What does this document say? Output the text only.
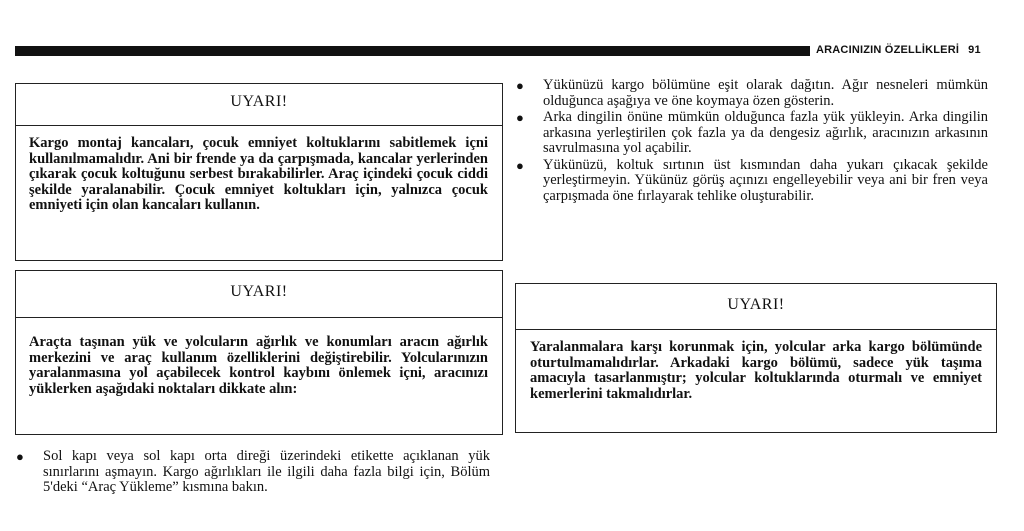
ARACINIZIN ÖZELLİKLERİ 91
UYARI!
Kargo montaj kancaları, çocuk emniyet koltuklarını sabitlemek içni kullanılmamalıdır. Ani bir frende ya da çarpışmada, kancalar yerlerinden çıkarak çocuk koltuğunu serbest bırakabilirler. Araç içindeki çocuk ciddi şekilde yaralanabilir. Çocuk emniyet koltukları için, yalnızca çocuk emniyeti için olan kancaları kullanın.
UYARI!
Araçta taşınan yük ve yolcuların ağırlık ve konumları aracın ağırlık merkezini ve araç kullanım özelliklerini değiştirebilir. Yolcularınızın yaralanmasına yol açabilecek kontrol kaybını önlemek içni, aracınızı yüklerken aşağıdaki noktaları dikkate alın:
● Sol kapı veya sol kapı orta direği üzerindeki etikette açıklanan yük sınırlarını aşmayın. Kargo ağırlıkları ile ilgili daha fazla bilgi için, Bölüm 5'deki “Araç Yükleme” kısmına bakın.
● Yükünüzü kargo bölümüne eşit olarak dağıtın. Ağır nesneleri mümkün olduğunca aşağıya ve öne koymaya özen gösterin.
● Arka dingilin önüne mümkün olduğunca fazla yük yükleyin. Arka dingilin arkasına yerleştirilen çok fazla ya da dengesiz ağırlık, aracınızın arkasının savrulmasına yol açabilir.
● Yükünüzü, koltuk sırtının üst kısmından daha yukarı çıkacak şekilde yerleştirmeyin. Yükünüz görüş açınızı engelleyebilir veya ani bir fren veya çarpışmada öne fırlayarak tehlike oluşturabilir.
UYARI!
Yaralanmalara karşı korunmak için, yolcular arka kargo bölümünde oturtulmamalıdırlar. Arkadaki kargo bölümü, sadece yük taşıma amacıyla tasarlanmıştır; yolcular koltuklarında oturmalı ve emniyet kemerlerini takmalıdırlar.
